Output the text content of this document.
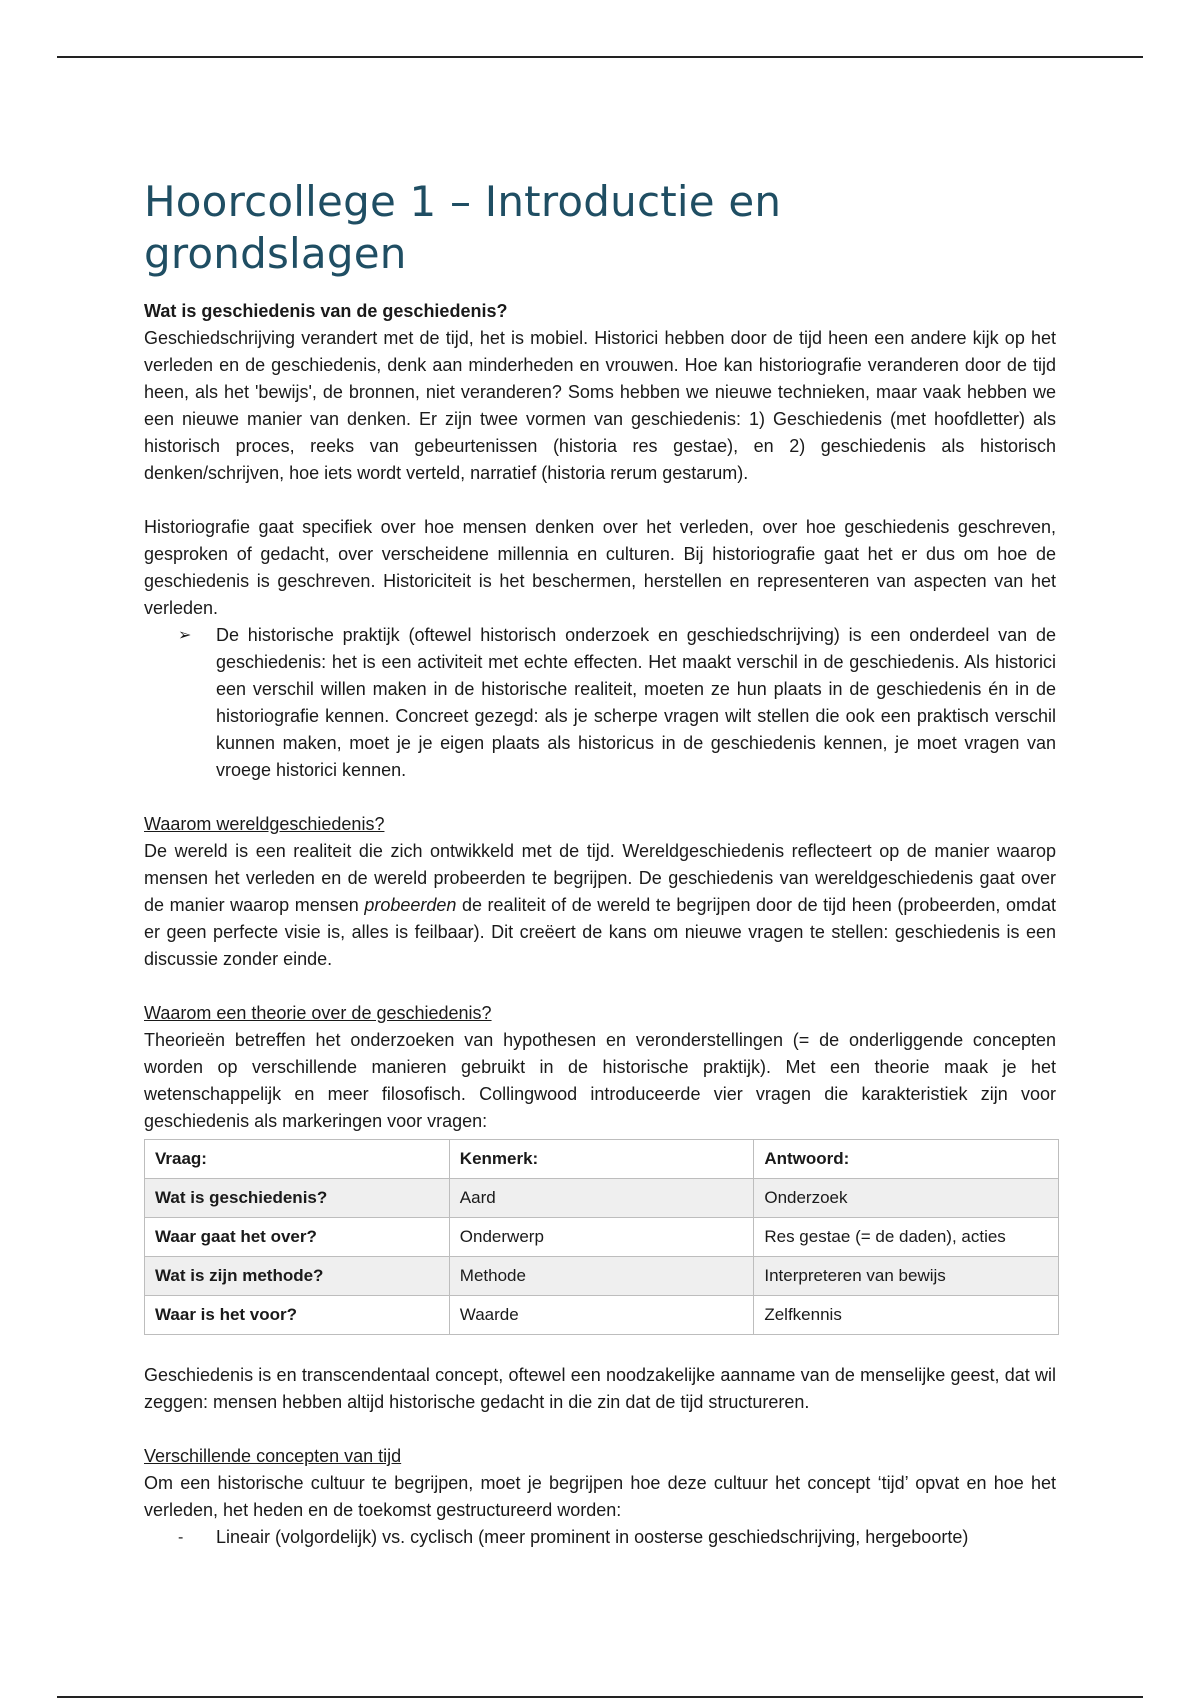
Hoorcollege 1 – Introductie en grondslagen

Wat is geschiedenis van de geschiedenis?

Geschiedschrijving verandert met de tijd, het is mobiel. Historici hebben door de tijd heen een andere kijk op het verleden en de geschiedenis, denk aan minderheden en vrouwen. Hoe kan historiografie veranderen door de tijd heen, als het 'bewijs', de bronnen, niet veranderen? Soms hebben we nieuwe technieken, maar vaak hebben we een nieuwe manier van denken. Er zijn twee vormen van geschiedenis: 1) Geschiedenis (met hoofdletter) als historisch proces, reeks van gebeurtenissen (historia res gestae), en 2) geschiedenis als historisch denken/schrijven, hoe iets wordt verteld, narratief (historia rerum gestarum).

Historiografie gaat specifiek over hoe mensen denken over het verleden, over hoe geschiedenis geschreven, gesproken of gedacht, over verscheidene millennia en culturen. Bij historiografie gaat het er dus om hoe de geschiedenis is geschreven. Historiciteit is het beschermen, herstellen en representeren van aspecten van het verleden.

➢	De historische praktijk (oftewel historisch onderzoek en geschiedschrijving) is een onderdeel van de geschiedenis: het is een activiteit met echte effecten. Het maakt verschil in de geschiedenis. Als historici een verschil willen maken in de historische realiteit, moeten ze hun plaats in de geschiedenis én in de historiografie kennen. Concreet gezegd: als je scherpe vragen wilt stellen die ook een praktisch verschil kunnen maken, moet je je eigen plaats als historicus in de geschiedenis kennen, je moet vragen van vroege historici kennen.

Waarom wereldgeschiedenis?

De wereld is een realiteit die zich ontwikkeld met de tijd. Wereldgeschiedenis reflecteert op de manier waarop mensen het verleden en de wereld probeerden te begrijpen. De geschiedenis van wereldgeschiedenis gaat over de manier waarop mensen probeerden de realiteit of de wereld te begrijpen door de tijd heen (probeerden, omdat er geen perfecte visie is, alles is feilbaar). Dit creëert de kans om nieuwe vragen te stellen: geschiedenis is een discussie zonder einde.

Waarom een theorie over de geschiedenis?

Theorieën betreffen het onderzoeken van hypothesen en veronderstellingen (= de onderliggende concepten worden op verschillende manieren gebruikt in de historische praktijk). Met een theorie maak je het wetenschappelijk en meer filosofisch. Collingwood introduceerde vier vragen die karakteristiek zijn voor geschiedenis als markeringen voor vragen:

Vraag:	Kenmerk:	Antwoord:
Wat is geschiedenis?	Aard	Onderzoek
Waar gaat het over?	Onderwerp	Res gestae (= de daden), acties
Wat is zijn methode?	Methode	Interpreteren van bewijs
Waar is het voor?	Waarde	Zelfkennis

Geschiedenis is en transcendentaal concept, oftewel een noodzakelijke aanname van de menselijke geest, dat wil zeggen: mensen hebben altijd historische gedacht in die zin dat de tijd structureren.

Verschillende concepten van tijd

Om een historische cultuur te begrijpen, moet je begrijpen hoe deze cultuur het concept ‘tijd’ opvat en hoe het verleden, het heden en de toekomst gestructureerd worden:

-	Lineair (volgordelijk) vs. cyclisch (meer prominent in oosterse geschiedschrijving, hergeboorte)
